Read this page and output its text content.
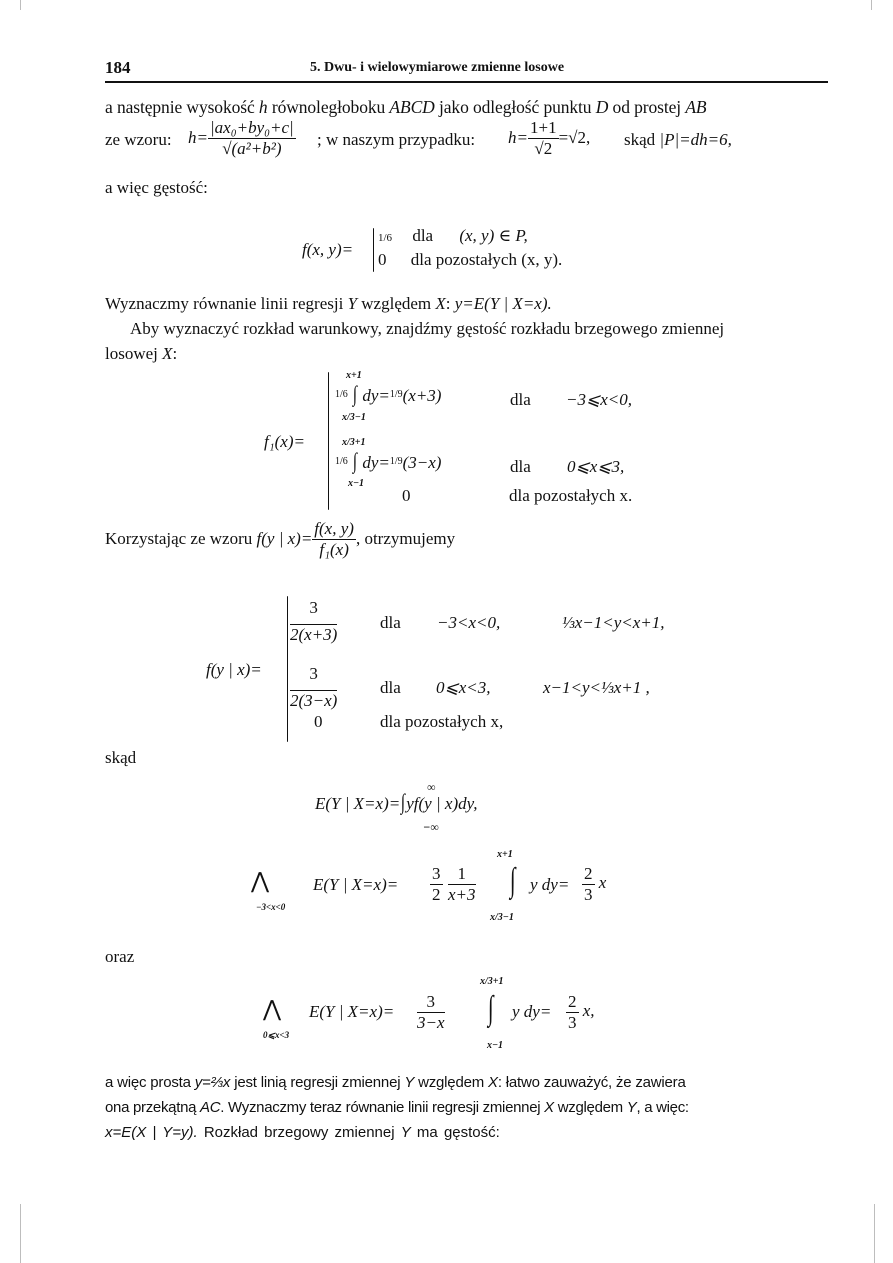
184	5. Dwu- i wielowymiarowe zmienne losowe
a następnie wysokość h równoległoboku ABCD jako odległość punktu D od prostej AB
ze wzoru: $h= \frac{\text{|ax₀+by₀+c|}}{\text{√(a²+b²)}}$ ; w naszym przypadku: $h= \frac{1+1}{√2} =√2$, skąd |P|=dh=6,
a więc gęstość:
f(x, y)=
1/6 dla (x, y) ∈ P,
0 dla pozostałych (x, y).
Wyznaczmy równanie linii regresji Y względem X: y=E(Y | X=x).
Aby wyznaczyć rozkład warunkowy, znajdźmy gęstość rozkładu brzegowego zmiennej
losowej X:
f₁(x)=
x+1
$^{1/6}$ ∫ dy=$^{1/9}$(x+3)	dla −3⩽x<0,
x/3−1
x/3+1
$^{1/6}$ ∫ dy=$^{1/9}$(3−x)	dla 0⩽x⩽3,
x−1
0	dla pozostałych x.
Korzystając ze wzoru f(y | $x)= \frac{f(x, y)}{\text{f₁(x)}}$ , otrzymujemy
f(y | x)=
$\frac{3}{2(x+3)}$	dla −3<x<0,	⅓x−1<y<x+1,
$\frac{3}{2(3-x)}$	dla 0⩽x<3,	x−1<y<⅓x+1 ,
0	dla pozostałych x,
skąd
∞
E(Y | X=x)=∫yf(y | x)dy,
−∞
x+1
⋀
−3<x<0
E(Y | $X=x)= \frac{3}{2} \frac{1}{x+3}$ ∫ y $dy= \frac{2}{3}$ x
x/3−1
oraz
x/3+1
⋀
0⩽x<3
E(Y | $X=x)= \frac{3}{3-x}$ ∫ y $dy= \frac{2}{3} x$,
x−1
a więc prosta y=⅔x jest linią regresji zmiennej Y względem X: łatwo zauważyć, że zawiera
ona przekątną AC. Wyznaczmy teraz równanie linii regresji zmiennej X względem Y, a więc:
x=E(X | Y=y). Rozkład brzegowy zmiennej Y ma gęstość:
